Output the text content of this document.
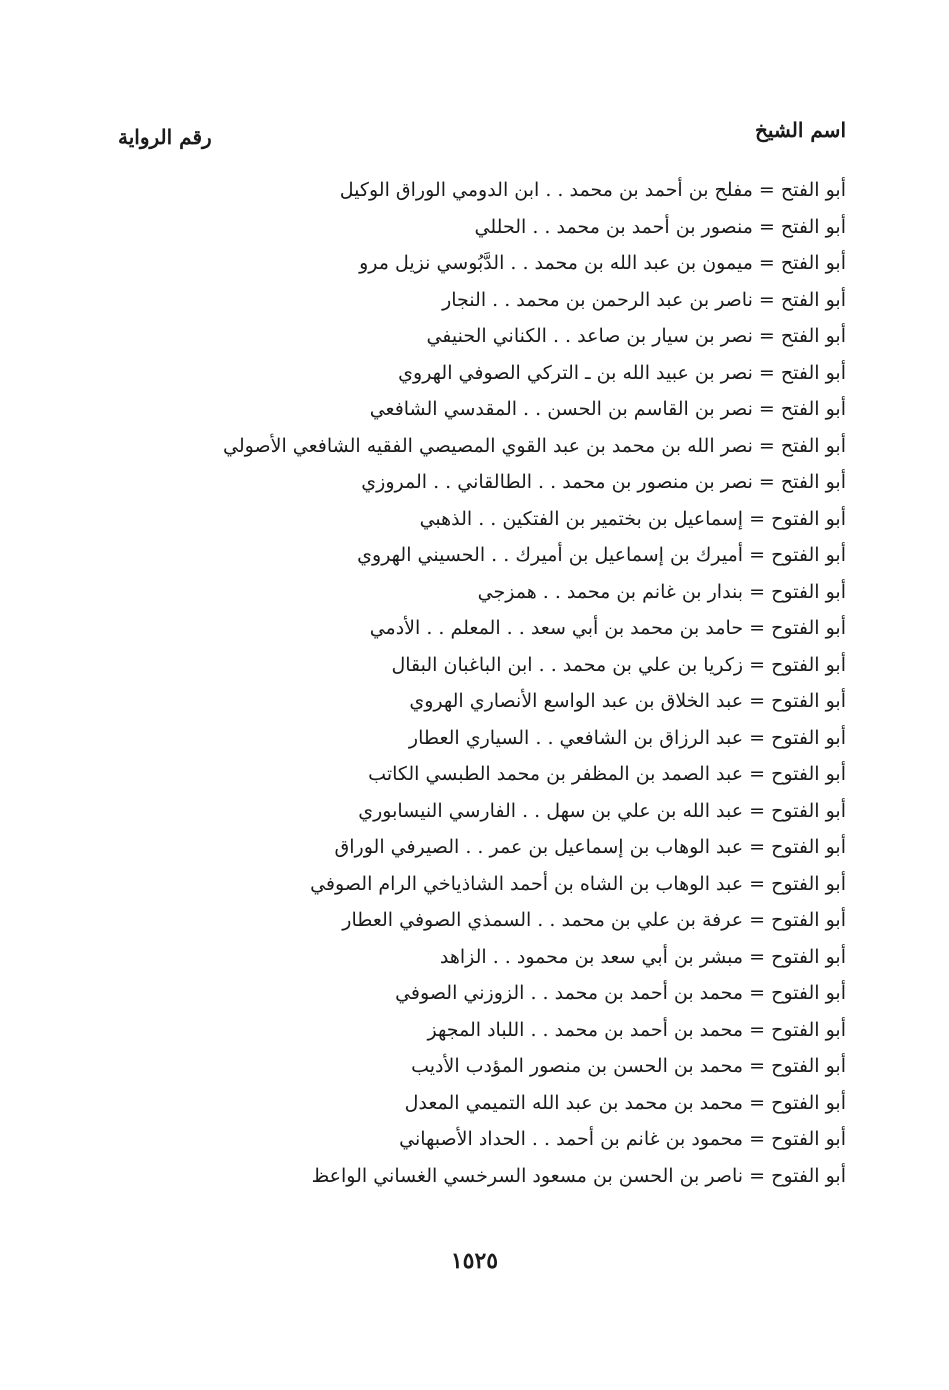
اسم الشيخ
رقم الرواية
أبو الفتح = مفلح بن أحمد بن محمد . . ابن الدومي الوراق الوكيل
أبو الفتح = منصور بن أحمد بن محمد . . الحللي
أبو الفتح = ميمون بن عبد الله بن محمد . . الدَّبُوسي نزيل مرو
أبو الفتح = ناصر بن عبد الرحمن بن محمد . . النجار
أبو الفتح = نصر بن سيار بن صاعد . . الكناني الحنيفي
أبو الفتح = نصر بن عبيد الله بن ـ التركي الصوفي الهروي
أبو الفتح = نصر بن القاسم بن الحسن . . المقدسي الشافعي
أبو الفتح = نصر الله بن محمد بن عبد القوي المصيصي الفقيه الشافعي الأصولي
أبو الفتح = نصر بن منصور بن محمد . . الطالقاني . . المروزي
أبو الفتوح = إسماعيل بن بختمير بن الفتكين . . الذهبي
أبو الفتوح = أميرك بن إسماعيل بن أميرك . . الحسيني الهروي
أبو الفتوح = بندار بن غانم بن محمد . . همزجي
أبو الفتوح = حامد بن محمد بن أبي سعد . . المعلم . . الأدمي
أبو الفتوح = زكريا بن علي بن محمد . . ابن الباغبان البقال
أبو الفتوح = عبد الخلاق بن عبد الواسع الأنصاري الهروي
أبو الفتوح = عبد الرزاق بن الشافعي . . السياري العطار
أبو الفتوح = عبد الصمد بن المظفر بن محمد الطبسي الكاتب
أبو الفتوح = عبد الله بن علي بن سهل . . الفارسي النيسابوري
أبو الفتوح = عبد الوهاب بن إسماعيل بن عمر . . الصيرفي الوراق
أبو الفتوح = عبد الوهاب بن الشاه بن أحمد الشاذياخي الرام الصوفي
أبو الفتوح = عرفة بن علي بن محمد . . السمذي الصوفي العطار
أبو الفتوح = مبشر بن أبي سعد بن محمود . . الزاهد
أبو الفتوح = محمد بن أحمد بن محمد . . الزوزني الصوفي
أبو الفتوح = محمد بن أحمد بن محمد . . اللباد المجهز
أبو الفتوح = محمد بن الحسن بن منصور المؤدب الأديب
أبو الفتوح = محمد بن محمد بن عبد الله التميمي المعدل
أبو الفتوح = محمود بن غانم بن أحمد . . الحداد الأصبهاني
أبو الفتوح = ناصر بن الحسن بن مسعود السرخسي الغساني الواعظ
١٥٢٥
